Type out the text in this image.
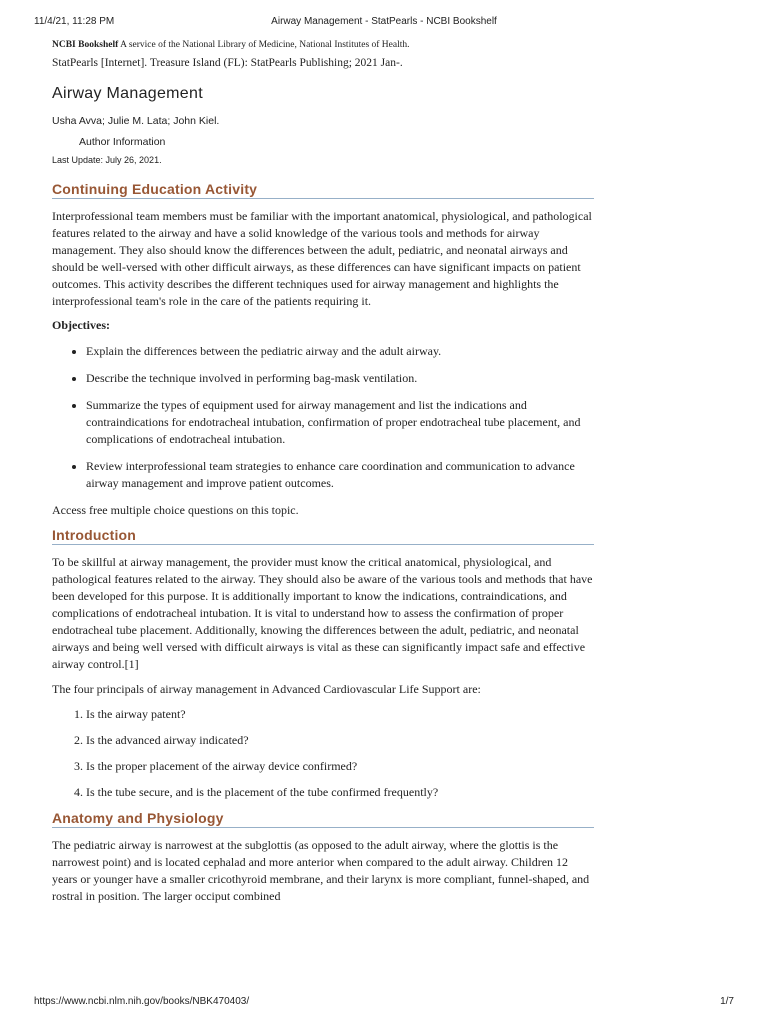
11/4/21, 11:28 PM	Airway Management - StatPearls - NCBI Bookshelf
NCBI Bookshelf A service of the National Library of Medicine, National Institutes of Health.
StatPearls [Internet]. Treasure Island (FL): StatPearls Publishing; 2021 Jan-.
Airway Management
Usha Avva; Julie M. Lata; John Kiel.
Author Information
Last Update: July 26, 2021.
Continuing Education Activity

Interprofessional team members must be familiar with the important anatomical, physiological, and pathological features related to the airway and have a solid knowledge of the various tools and methods for airway management. They also should know the differences between the adult, pediatric, and neonatal airways and should be well-versed with other difficult airways, as these differences can have significant impacts on patient outcomes. This activity describes the different techniques used for airway management and highlights the interprofessional team's role in the care of the patients requiring it.

Objectives:
• Explain the differences between the pediatric airway and the adult airway.
• Describe the technique involved in performing bag-mask ventilation.
• Summarize the types of equipment used for airway management and list the indications and contraindications for endotracheal intubation, confirmation of proper endotracheal tube placement, and complications of endotracheal intubation.
• Review interprofessional team strategies to enhance care coordination and communication to advance airway management and improve patient outcomes.

Access free multiple choice questions on this topic.

Introduction

To be skillful at airway management, the provider must know the critical anatomical, physiological, and pathological features related to the airway. They should also be aware of the various tools and methods that have been developed for this purpose. It is additionally important to know the indications, contraindications, and complications of endotracheal intubation. It is vital to understand how to assess the confirmation of proper endotracheal tube placement. Additionally, knowing the differences between the adult, pediatric, and neonatal airways and being well versed with difficult airways is vital as these can significantly impact safe and effective airway control.[1]

The four principals of airway management in Advanced Cardiovascular Life Support are:

1. Is the airway patent?
2. Is the advanced airway indicated?
3. Is the proper placement of the airway device confirmed?
4. Is the tube secure, and is the placement of the tube confirmed frequently?
Anatomy and Physiology

The pediatric airway is narrowest at the subglottis (as opposed to the adult airway, where the glottis is the narrowest point) and is located cephalad and more anterior when compared to the adult airway. Children 12 years or younger have a smaller cricothyroid membrane, and their larynx is more compliant, funnel-shaped, and rostral in position. The larger occiput combined

https://www.ncbi.nlm.nih.gov/books/NBK470403/	1/7
